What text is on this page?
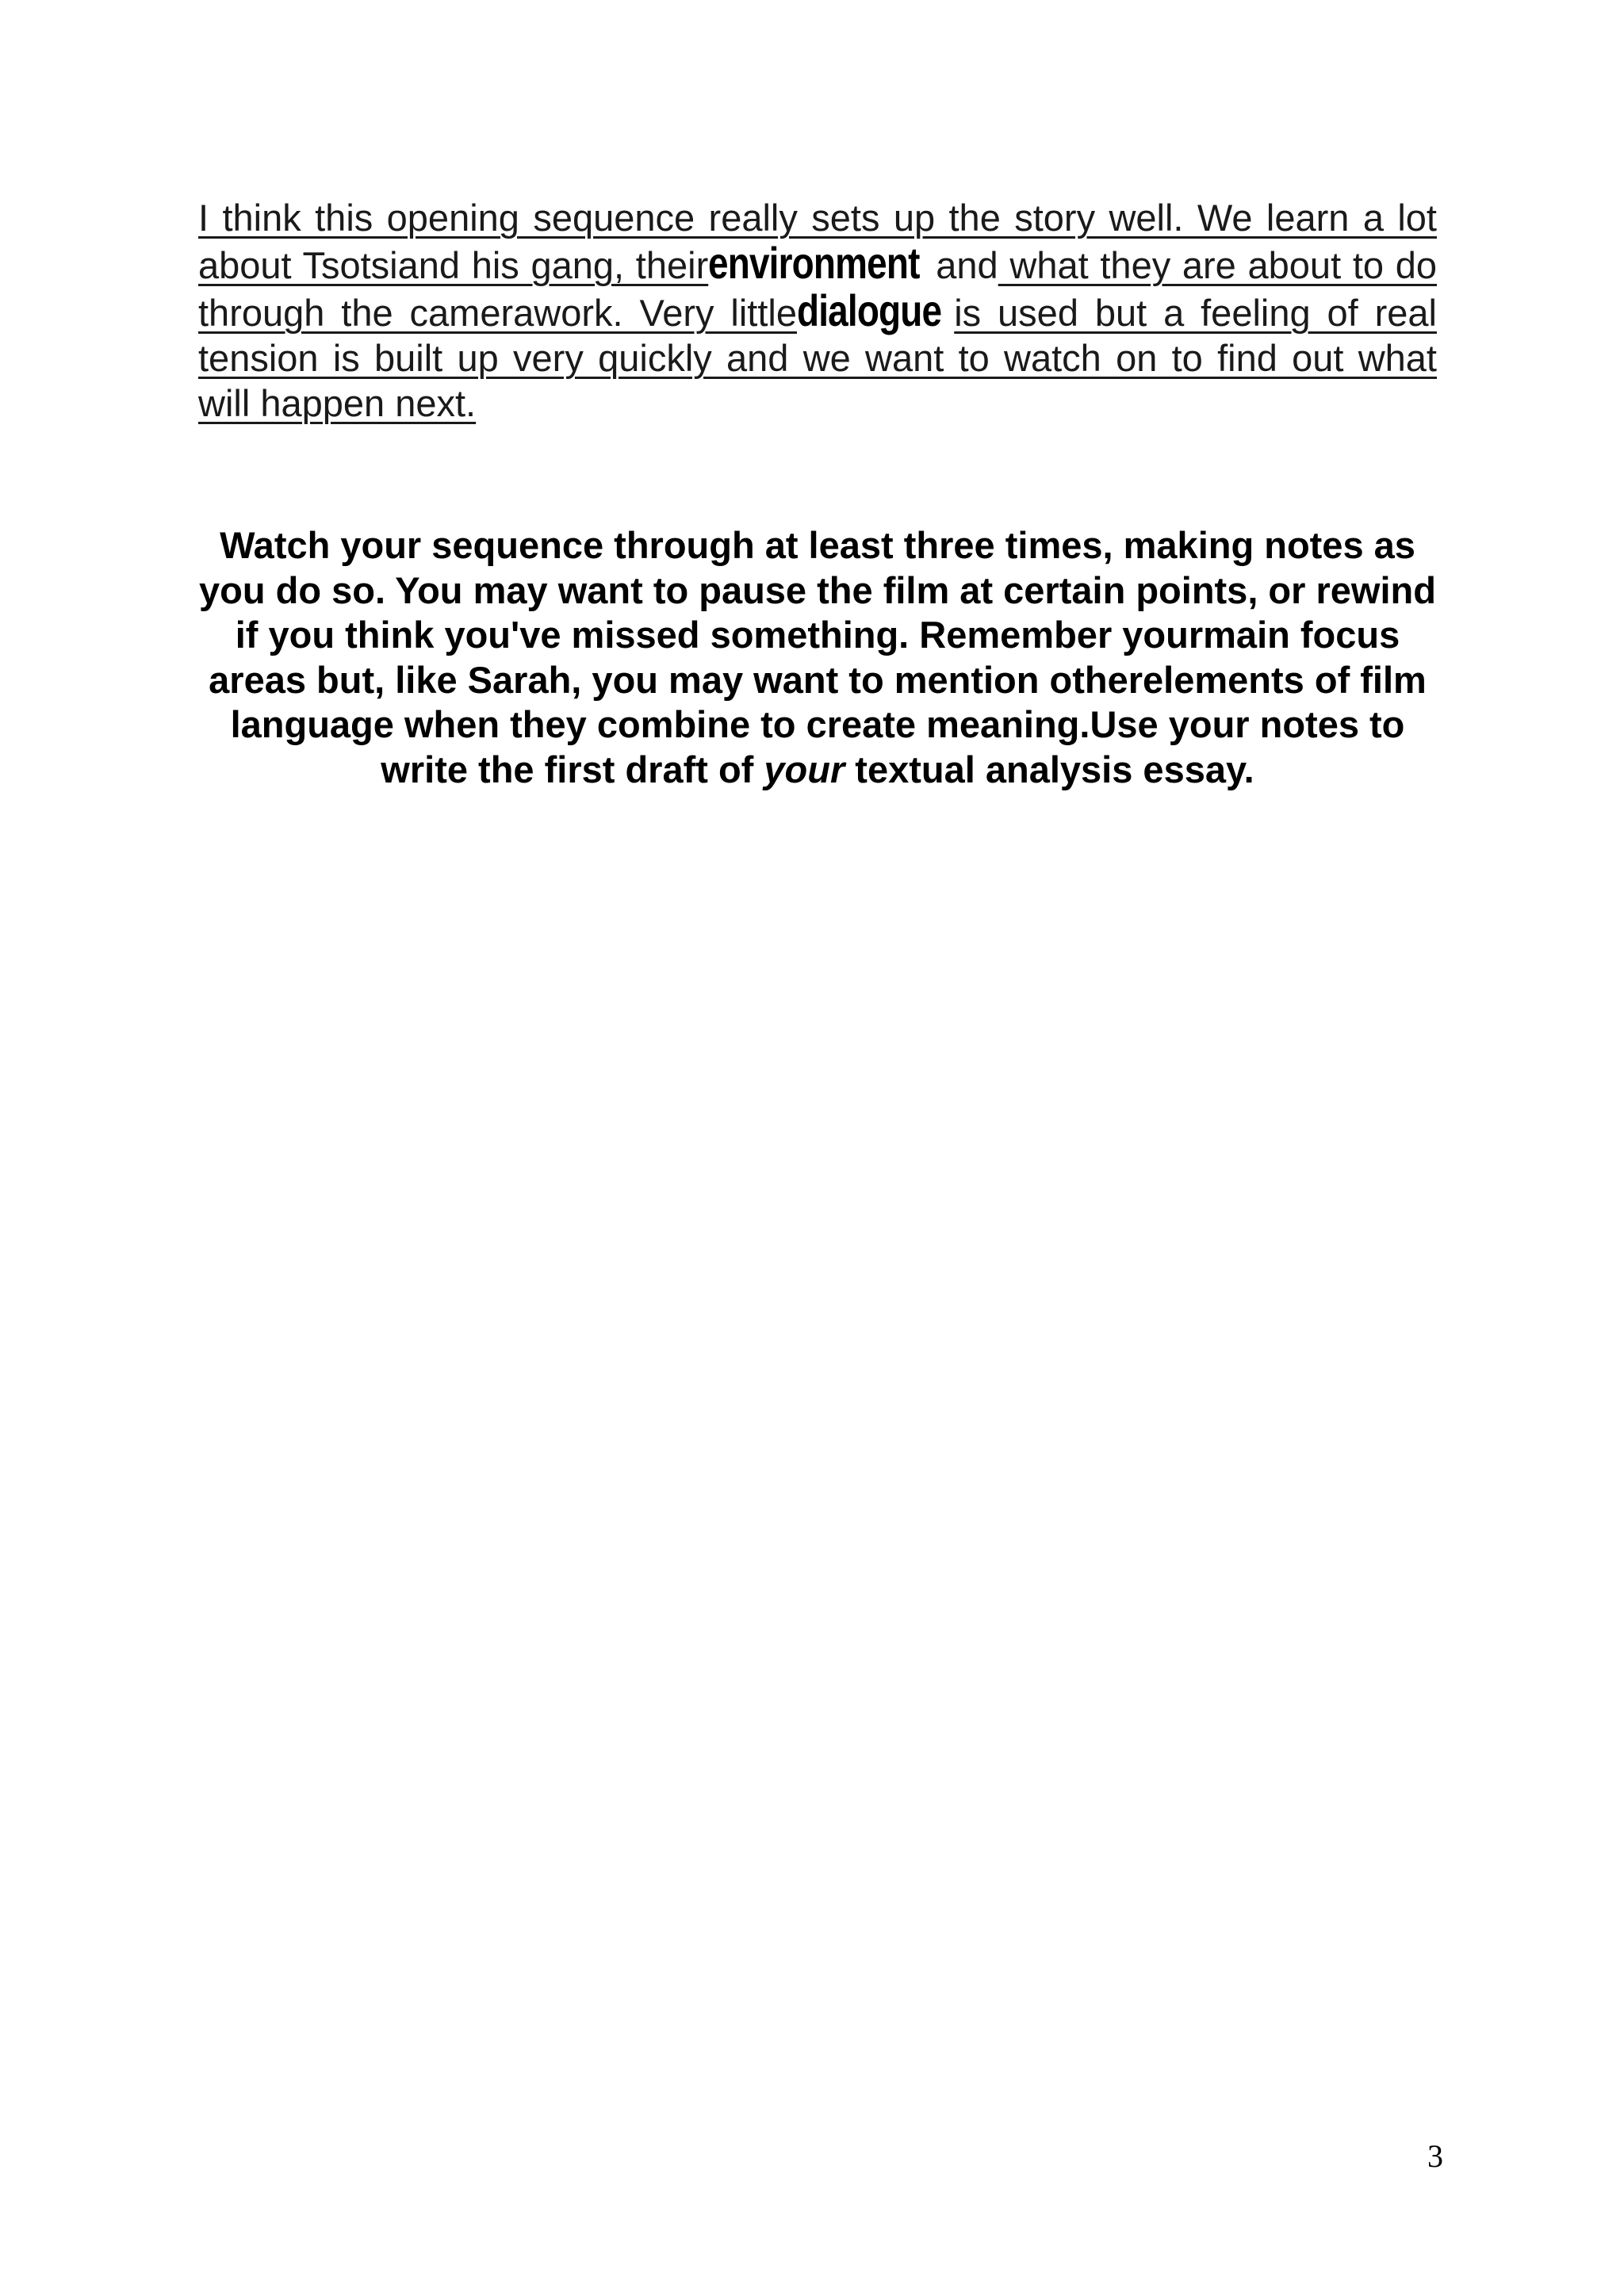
I think this opening sequence really sets up the story well. We learn a lot about Tsotsiand his gang, theirenvironment and what they are about to do through the camerawork. Very littledialogue is used but a feeling of real tension is built up very quickly and we want to watch on to find out what will happen next.

Watch your sequence through at least three times, making notes as you do so. You may want to pause the film at certain points, or rewind if you think you've missed something. Remember yourmain focus areas but, like Sarah, you may want to mention otherelements of film language when they combine to create meaning.Use your notes to write the first draft of your textual analysis essay.

3
